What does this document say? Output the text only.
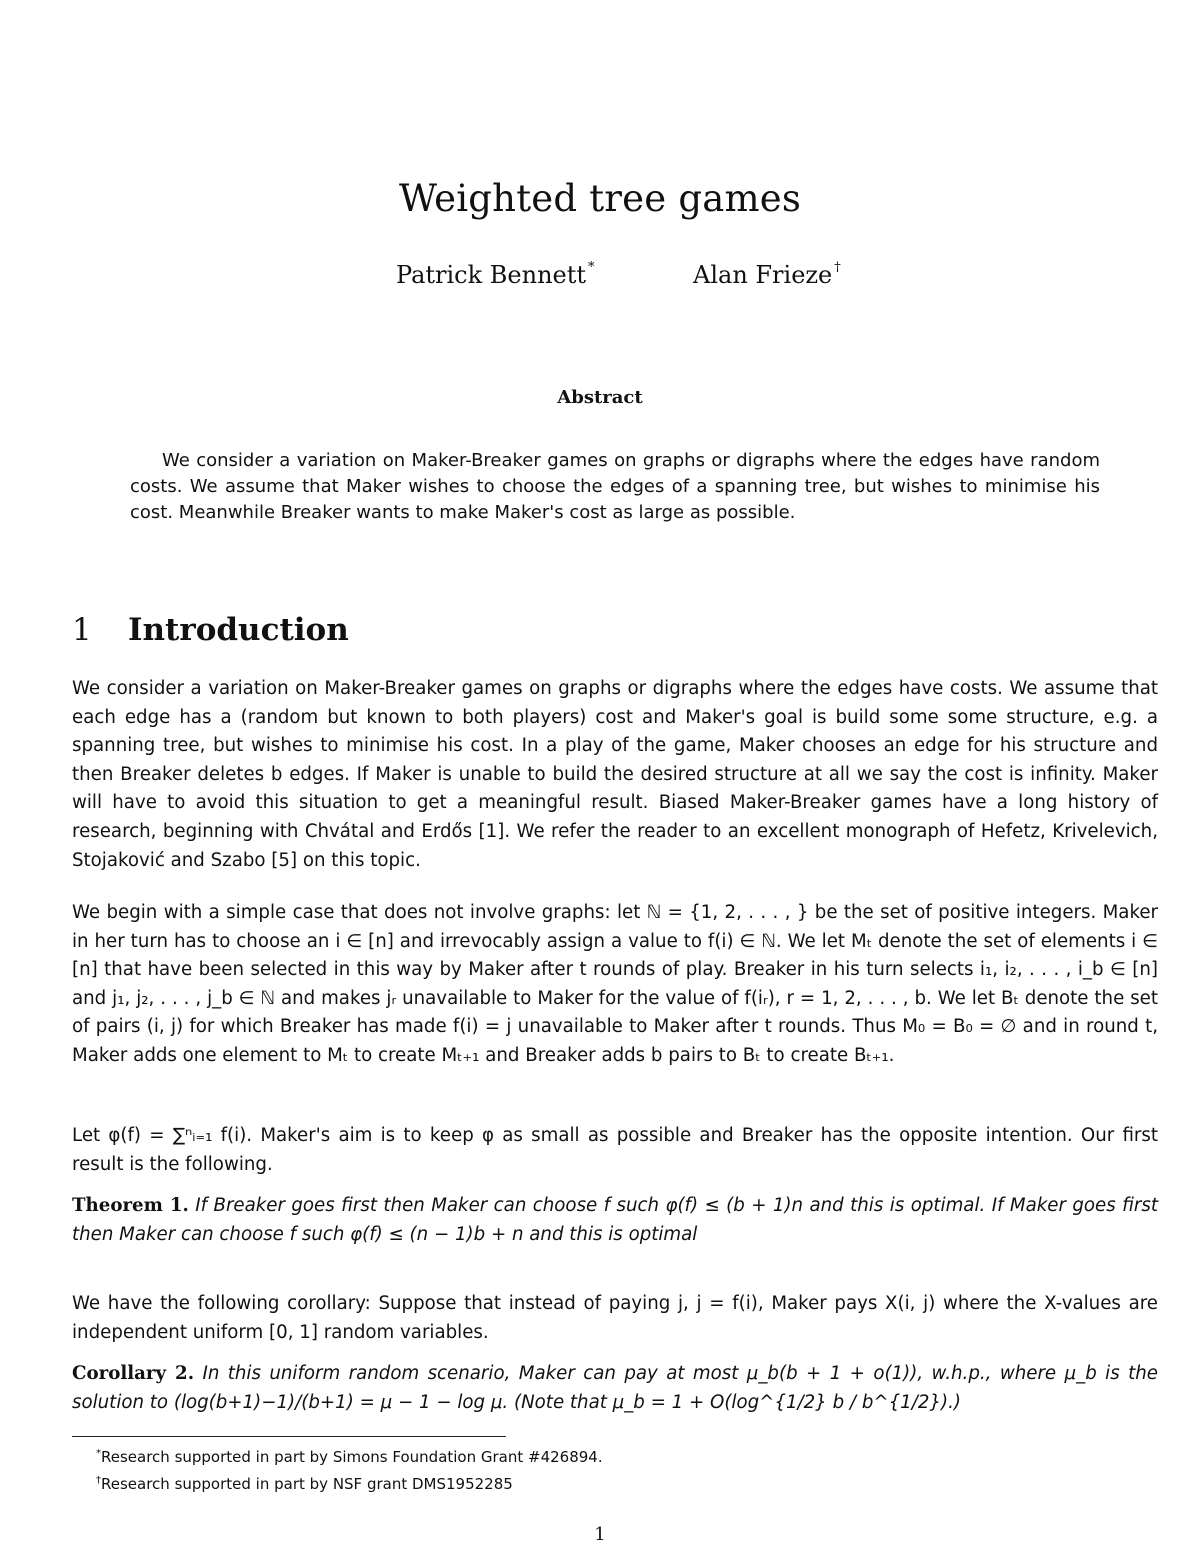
Weighted tree games
Patrick Bennett *	Alan Frieze †
Abstract

We consider a variation on Maker-Breaker games on graphs or digraphs where the edges have random costs. We assume that Maker wishes to choose the edges of a spanning tree, but wishes to minimise his cost. Meanwhile Breaker wants to make Maker's cost as large as possible.

1 Introduction

We consider a variation on Maker-Breaker games on graphs or digraphs where the edges have costs. We assume that each edge has a (random but known to both players) cost and Maker's goal is build some some structure, e.g. a spanning tree, but wishes to minimise his cost. In a play of the game, Maker chooses an edge for his structure and then Breaker deletes b edges. If Maker is unable to build the desired structure at all we say the cost is infinity. Maker will have to avoid this situation to get a meaningful result. Biased Maker-Breaker games have a long history of research, beginning with Chvátal and Erdős [1]. We refer the reader to an excellent monograph of Hefetz, Krivelevich, Stojaković and Szabo [5] on this topic.

We begin with a simple case that does not involve graphs: let ℕ = {1, 2, . . . , } be the set of positive integers. Maker in her turn has to choose an i ∈ [n] and irrevocably assign a value to f(i) ∈ ℕ. We let Mₜ denote the set of elements i ∈ [n] that have been selected in this way by Maker after t rounds of play. Breaker in his turn selects i₁, i₂, . . . , i_b ∈ [n] and j₁, j₂, . . . , j_b ∈ ℕ and makes jᵣ unavailable to Maker for the value of f(iᵣ), r = 1, 2, . . . , b. We let Bₜ denote the set of pairs (i, j) for which Breaker has made f(i) = j unavailable to Maker after t rounds. Thus M₀ = B₀ = ∅ and in round t, Maker adds one element to Mₜ to create Mₜ₊₁ and Breaker adds b pairs to Bₜ to create Bₜ₊₁.

Let φ(f) = ∑ⁿᵢ₌₁ f(i). Maker's aim is to keep φ as small as possible and Breaker has the opposite intention. Our first result is the following.

Theorem 1. If Breaker goes first then Maker can choose f such φ(f) ≤ (b + 1)n and this is optimal. If Maker goes first then Maker can choose f such φ(f) ≤ (n − 1)b + n and this is optimal

We have the following corollary: Suppose that instead of paying j, j = f(i), Maker pays X(i, j) where the X-values are independent uniform [0, 1] random variables.

Corollary 2. In this uniform random scenario, Maker can pay at most μ_b(b + 1 + o(1)), w.h.p., where μ_b is the solution to (log(b+1)−1)/(b+1) = μ − 1 − log μ. (Note that μ_b = 1 + O(log^{1/2} b / b^{1/2}).)

*Research supported in part by Simons Foundation Grant #426894.
†Research supported in part by NSF grant DMS1952285
1
